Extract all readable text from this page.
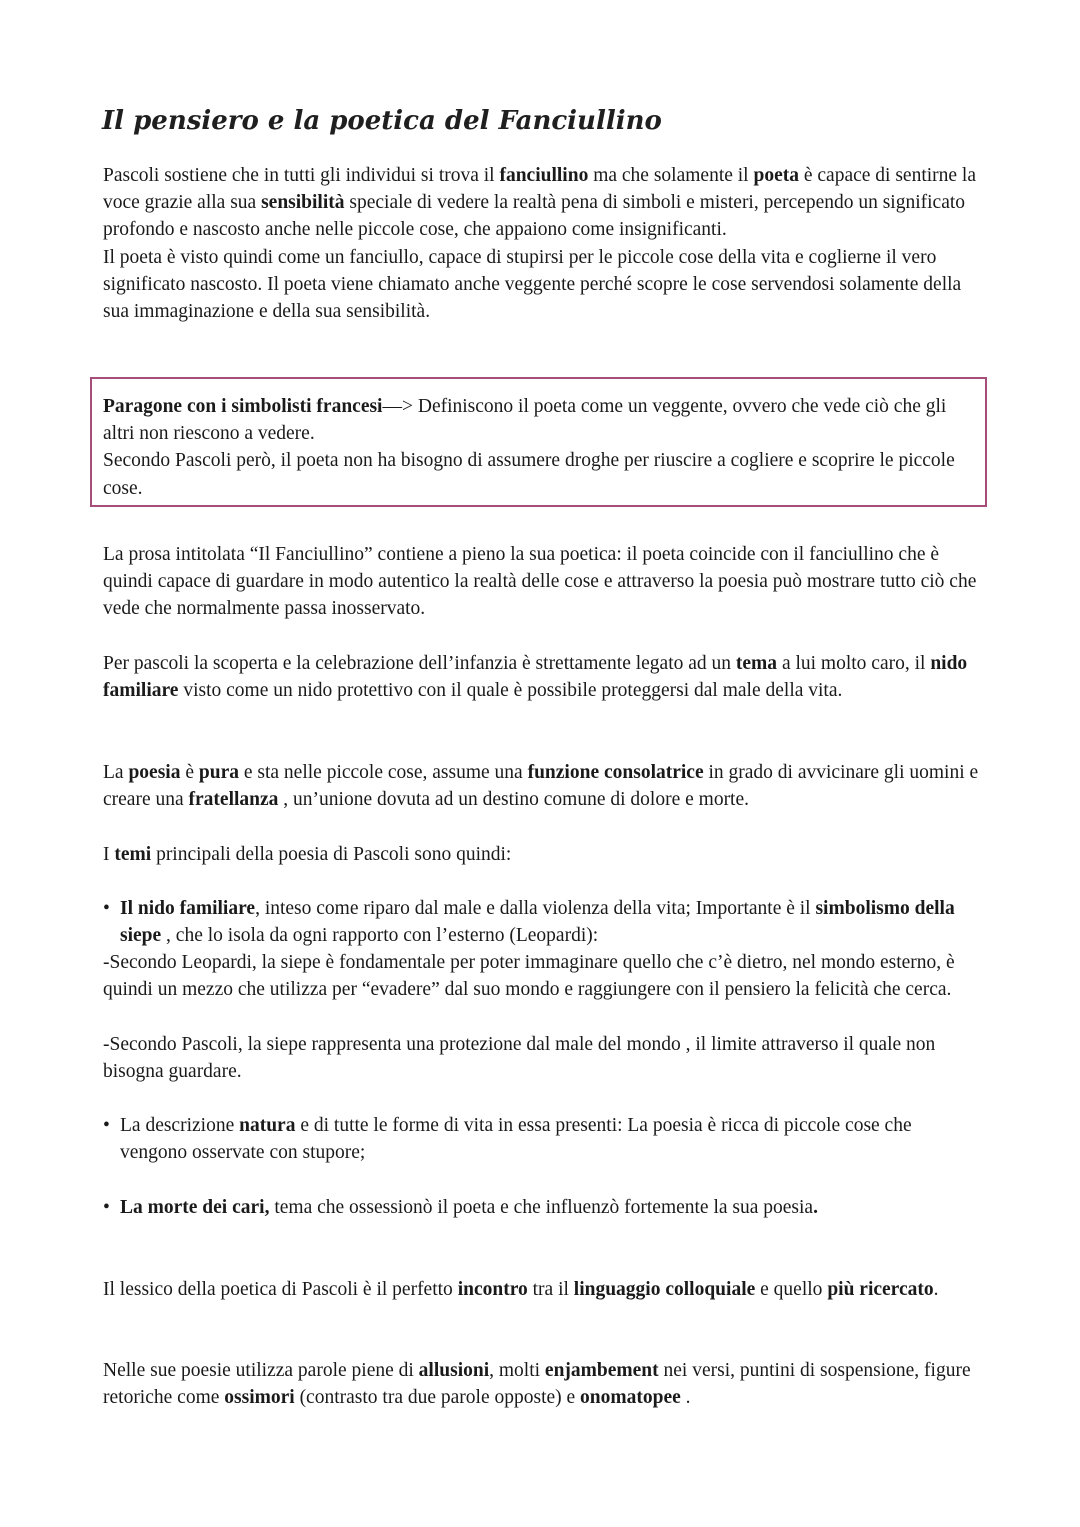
Il pensiero e la poetica del Fanciullino

Pascoli sostiene che in tutti gli individui si trova il fanciullino ma che solamente il poeta è capace di sentirne la voce grazie alla sua sensibilità speciale di vedere la realtà pena di simboli e misteri, percependo un significato profondo e nascosto anche nelle piccole cose, che appaiono come insignificanti.
Il poeta è visto quindi come un fanciullo, capace di stupirsi per le piccole cose della vita e coglierne il vero significato nascosto. Il poeta viene chiamato anche veggente perché scopre le cose servendosi solamente della sua immaginazione e della sua sensibilità.

Paragone con i simbolisti francesi—> Definiscono il poeta come un veggente, ovvero che vede ciò che gli altri non riescono a vedere.
Secondo Pascoli però, il poeta non ha bisogno di assumere droghe per riuscire a cogliere e scoprire le piccole cose.

La prosa intitolata “Il Fanciullino” contiene a pieno la sua poetica: il poeta coincide con il fanciullino che è quindi capace di guardare in modo autentico la realtà delle cose e attraverso la poesia può mostrare tutto ciò che vede che normalmente passa inosservato.

Per pascoli la scoperta e la celebrazione dell’infanzia è strettamente legato ad un tema a lui molto caro, il nido familiare visto come un nido protettivo con il quale è possibile proteggersi dal male della vita.

La poesia è pura e sta nelle piccole cose, assume una funzione consolatrice in grado di avvicinare gli uomini e creare una fratellanza , un’unione dovuta ad un destino comune di dolore e morte.

I temi principali della poesia di Pascoli sono quindi:

• Il nido familiare, inteso come riparo dal male e dalla violenza della vita; Importante è il simbolismo della siepe , che lo isola da ogni rapporto con l’esterno (Leopardi):

-Secondo Leopardi, la siepe è fondamentale per poter immaginare quello che c’è dietro, nel mondo esterno, è quindi un mezzo che utilizza per “evadere” dal suo mondo e raggiungere con il pensiero la felicità che cerca.

-Secondo Pascoli, la siepe rappresenta una protezione dal male del mondo , il limite attraverso il quale non bisogna guardare.

• La descrizione natura e di tutte le forme di vita in essa presenti: La poesia è ricca di piccole cose che vengono osservate con stupore;
• La morte dei cari, tema che ossessionò il poeta e che influenzò fortemente la sua poesia.

Il lessico della poetica di Pascoli è il perfetto incontro tra il linguaggio colloquiale e quello più ricercato.

Nelle sue poesie utilizza parole piene di allusioni, molti enjambement nei versi, puntini di sospensione, figure retoriche come ossimori (contrasto tra due parole opposte) e onomatopee .
